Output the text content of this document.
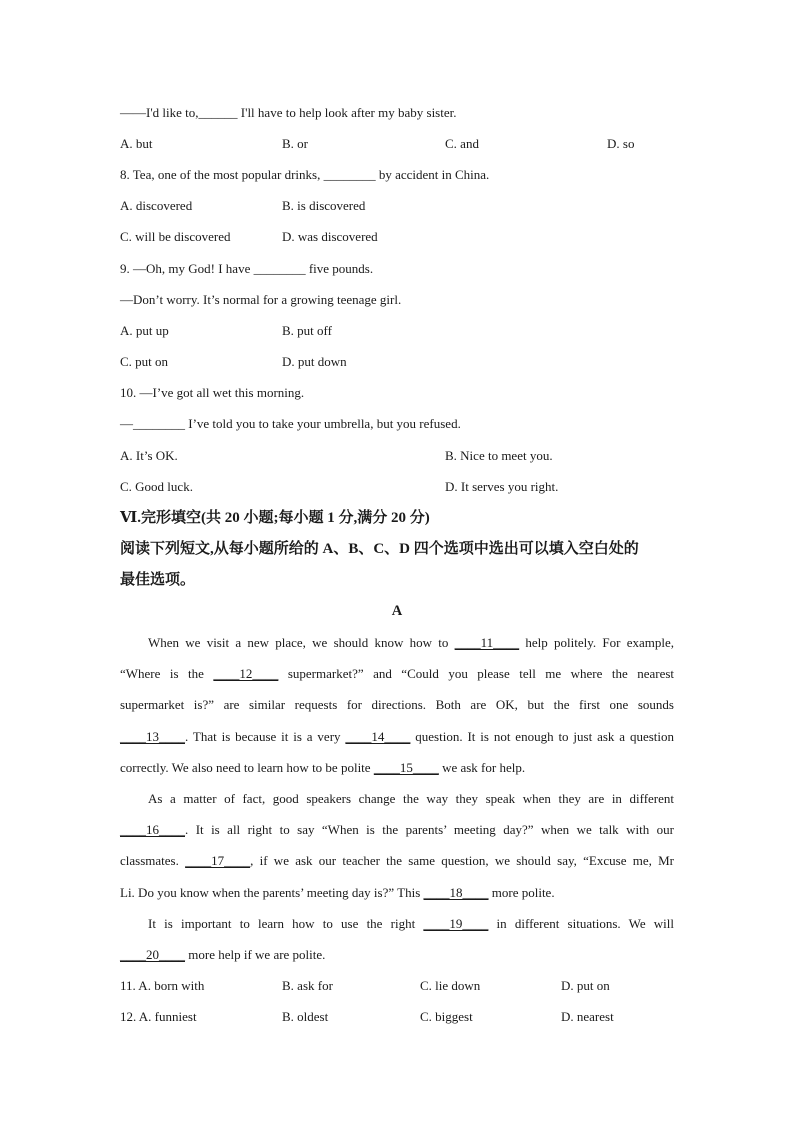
——I'd like to,______ I'll have to help look after my baby sister.
A. but	B. or	C. and	D. so
8. Tea, one of the most popular drinks, ________ by accident in China.
A. discovered	B. is discovered
C. will be discovered	D. was discovered
9. —Oh, my God! I have ________ five pounds.
—Don’t worry. It’s normal for a growing teenage girl.
A. put up	B. put off
C. put on	D. put down
10. —I’ve got all wet this morning.
—________ I’ve told you to take your umbrella, but you refused.
A. It’s OK.	B. Nice to meet you.
C. Good luck.	D. It serves you right.
Ⅵ.完形填空(共 20 小题;每小题 1 分,满分 20 分)
阅读下列短文,从每小题所给的 A、B、C、D 四个选项中选出可以填入空白处的
最佳选项。
A
When we visit a new place, we should know how to ____11____ help politely. For example,
“Where is the ____12____ supermarket?” and “Could you please tell me where the nearest
supermarket is?” are similar requests for directions. Both are OK, but the first one sounds
____13____. That is because it is a very ____14____ question. It is not enough to just ask a question
correctly. We also need to learn how to be polite ____15____ we ask for help.
As a matter of fact, good speakers change the way they speak when they are in different
____16____. It is all right to say “When is the parents’ meeting day?” when we talk with our
classmates. ____17____, if we ask our teacher the same question, we should say, “Excuse me, Mr
Li. Do you know when the parents’ meeting day is?” This ____18____ more polite.
It is important to learn how to use the right ____19____ in different situations. We will
____20____ more help if we are polite.
11. A. born with	B. ask for	C. lie down	D. put on
12. A. funniest	B. oldest	C. biggest	D. nearest
